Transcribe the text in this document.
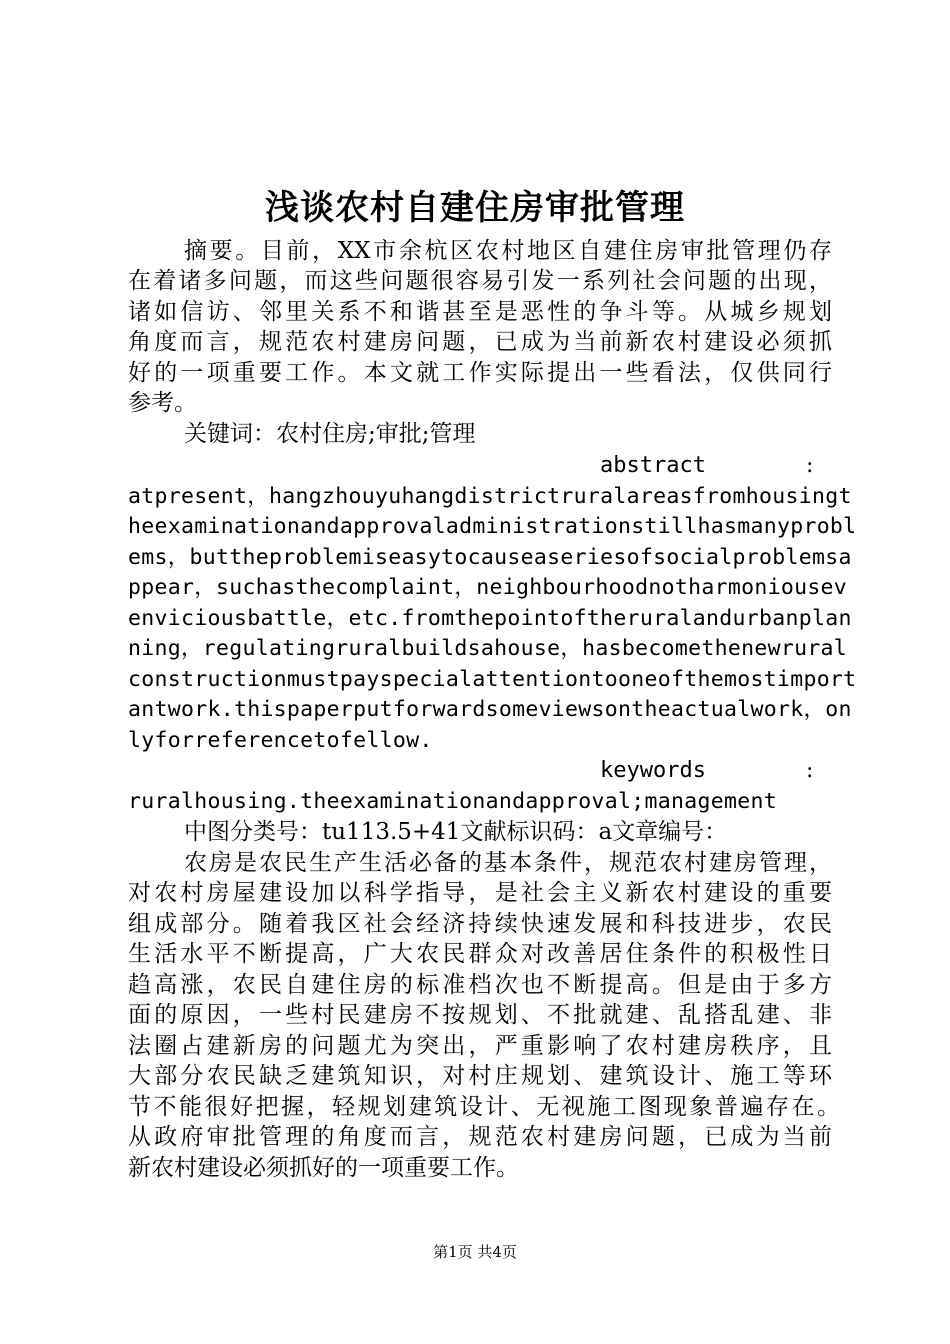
浅谈农村自建住房审批管理
摘要。目前，XX市余杭区农村地区自建住房审批管理仍存
在着诸多问题，而这些问题很容易引发一系列社会问题的出现，
诸如信访、邻里关系不和谐甚至是恶性的争斗等。从城乡规划
角度而言，规范农村建房问题，已成为当前新农村建设必须抓
好的一项重要工作。本文就工作实际提出一些看法，仅供同行
参考。
关键词：农村住房;审批;管理
abstract	:
atpresent，hangzhouyuhangdistrictruralareasfromhousingt
heexaminationandapprovaladministrationstillhasmanyprobl
ems，buttheproblemiseasytocauseaseriesofsocialproblemsa
ppear，suchasthecomplaint，neighbourhoodnotharmoniousev
enviciousbattle，etc.fromthepointoftheruralandurbanplan
ning，regulatingruralbuildsahouse，hasbecomethenewrural
constructionmustpayspecialattentiontooneofthemostimport
antwork.thispaperputforwardsomeviewsontheactualwork，on
lyforreferencetofellow.
keywords	:
ruralhousing.theexaminationandapproval;management
中图分类号：tu113.5+41文献标识码：a文章编号：
农房是农民生产生活必备的基本条件，规范农村建房管理，
对农村房屋建设加以科学指导，是社会主义新农村建设的重要
组成部分。随着我区社会经济持续快速发展和科技进步，农民
生活水平不断提高，广大农民群众对改善居住条件的积极性日
趋高涨，农民自建住房的标准档次也不断提高。但是由于多方
面的原因，一些村民建房不按规划、不批就建、乱搭乱建、非
法圈占建新房的问题尤为突出，严重影响了农村建房秩序，且
大部分农民缺乏建筑知识，对村庄规划、建筑设计、施工等环
节不能很好把握，轻规划建筑设计、无视施工图现象普遍存在。
从政府审批管理的角度而言，规范农村建房问题，已成为当前
新农村建设必须抓好的一项重要工作。
第1页 共4页
